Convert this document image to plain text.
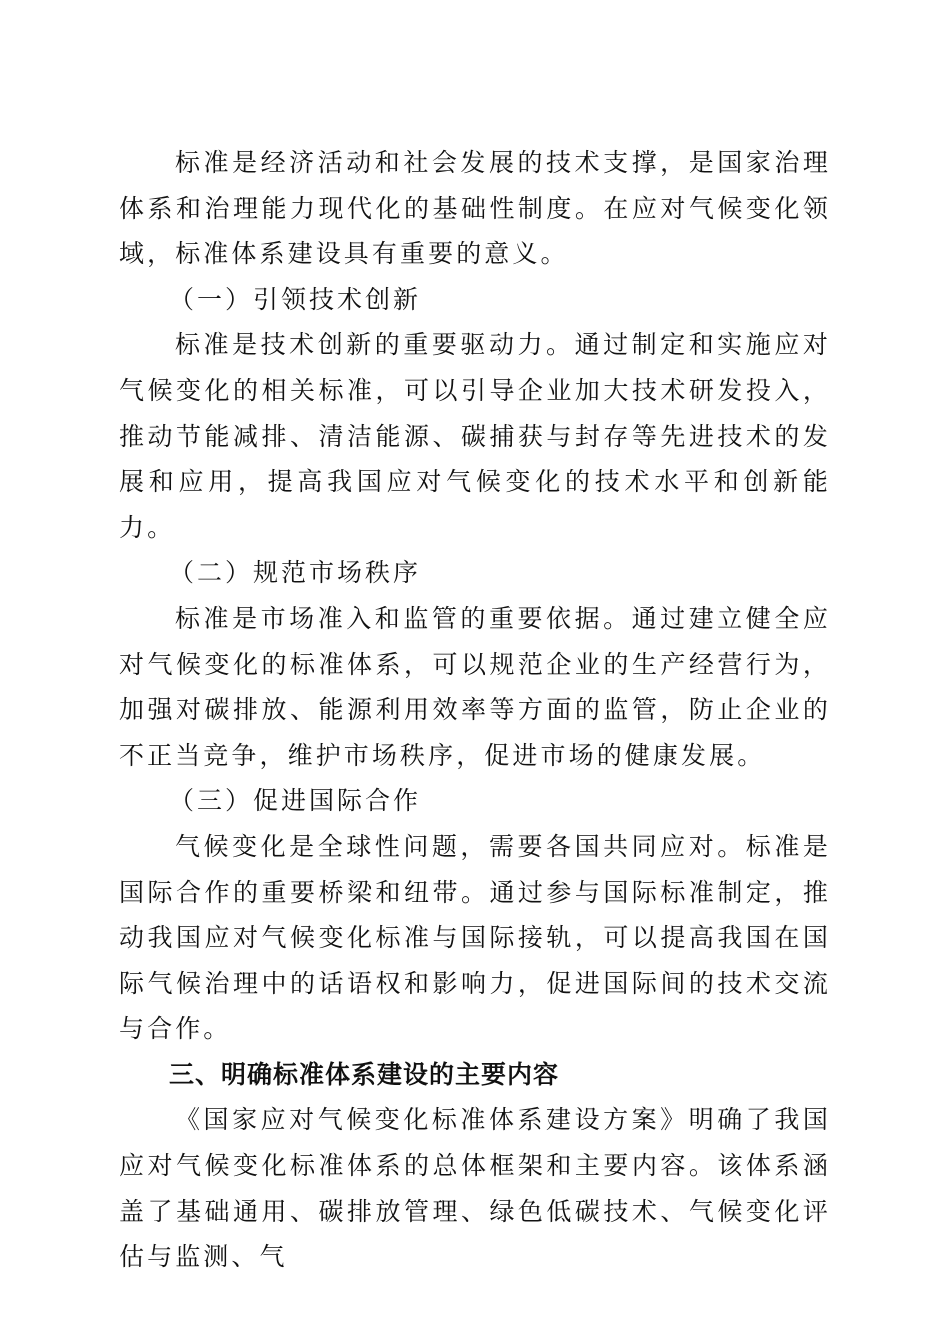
标准是经济活动和社会发展的技术支撑，是国家治理体系和治理能力现代化的基础性制度。在应对气候变化领域，标准体系建设具有重要的意义。

（一）引领技术创新

标准是技术创新的重要驱动力。通过制定和实施应对气候变化的相关标准，可以引导企业加大技术研发投入，推动节能减排、清洁能源、碳捕获与封存等先进技术的发展和应用，提高我国应对气候变化的技术水平和创新能力。

（二）规范市场秩序

标准是市场准入和监管的重要依据。通过建立健全应对气候变化的标准体系，可以规范企业的生产经营行为，加强对碳排放、能源利用效率等方面的监管，防止企业的不正当竞争，维护市场秩序，促进市场的健康发展。

（三）促进国际合作

气候变化是全球性问题，需要各国共同应对。标准是国际合作的重要桥梁和纽带。通过参与国际标准制定，推动我国应对气候变化标准与国际接轨，可以提高我国在国际气候治理中的话语权和影响力，促进国际间的技术交流与合作。

三、明确标准体系建设的主要内容

《国家应对气候变化标准体系建设方案》明确了我国应对气候变化标准体系的总体框架和主要内容。该体系涵盖了基础通用、碳排放管理、绿色低碳技术、气候变化评估与监测、气
